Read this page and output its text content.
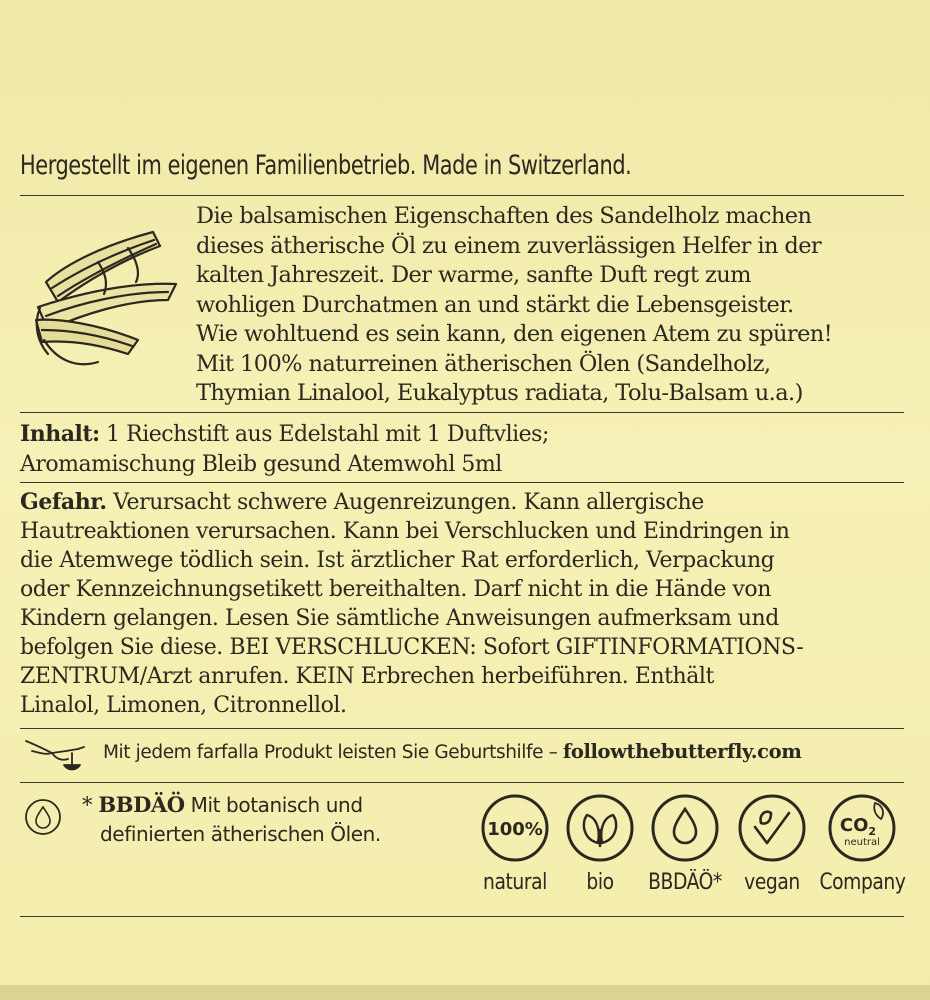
Hergestellt im eigenen Familienbetrieb. Made in Switzerland.
Die balsamischen Eigenschaften des Sandelholz machen
dieses ätherische Öl zu einem zuverlässigen Helfer in der
kalten Jahreszeit. Der warme, sanfte Duft regt zum
wohligen Durchatmen an und stärkt die Lebensgeister.
Wie wohltuend es sein kann, den eigenen Atem zu spüren!
Mit 100% naturreinen ätherischen Ölen (Sandelholz,
Thymian Linalool, Eukalyptus radiata, Tolu-Balsam u.a.)
Inhalt: 1 Riechstift aus Edelstahl mit 1 Duftvlies;
Aromamischung Bleib gesund Atemwohl 5ml
Gefahr. Verursacht schwere Augenreizungen. Kann allergische
Hautreaktionen verursachen. Kann bei Verschlucken und Eindringen in
die Atemwege tödlich sein. Ist ärztlicher Rat erforderlich, Verpackung
oder Kennzeichnungsetikett bereithalten. Darf nicht in die Hände von
Kindern gelangen. Lesen Sie sämtliche Anweisungen aufmerksam und
befolgen Sie diese. BEI VERSCHLUCKEN: Sofort GIFTINFORMATIONS-
ZENTRUM/Arzt anrufen. KEIN Erbrechen herbeiführen. Enthält
Linalol, Limonen, Citronnellol.
Mit jedem farfalla Produkt leisten Sie Geburtshilfe – followthebutterfly.com
* BBDÄÖ Mit botanisch und
definierten ätherischen Ölen.	100%
natural	bio	BBDÄÖ*	vegan
$CO_2$
neutral
Company
